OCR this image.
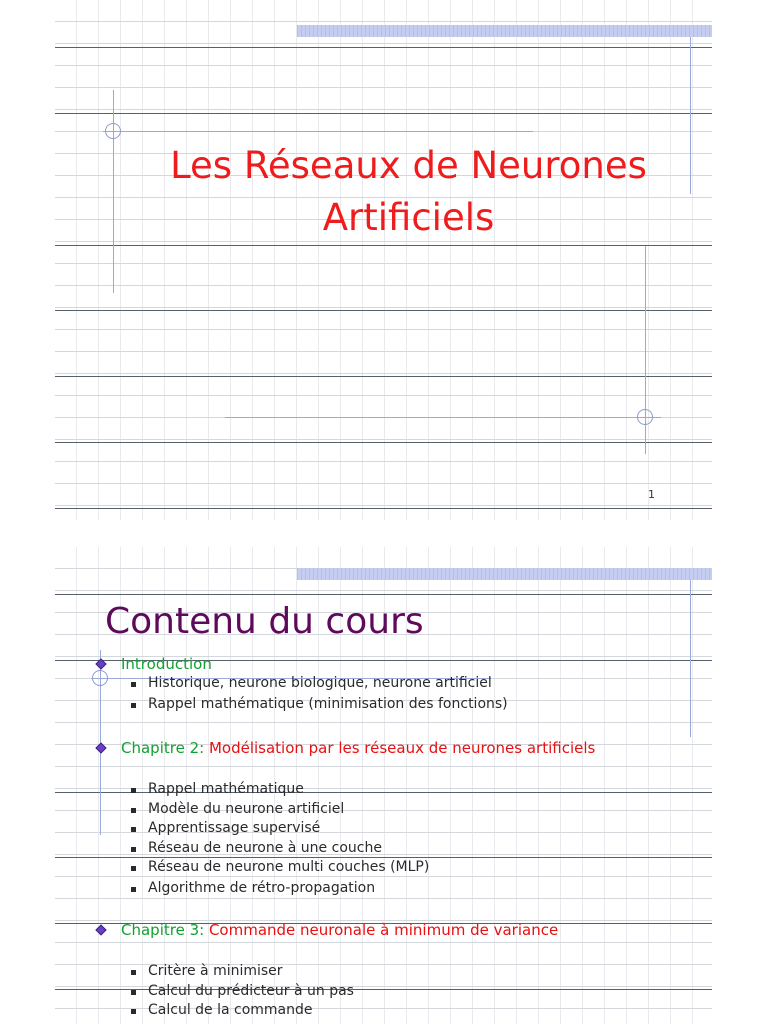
Les Réseaux de Neurones
Artificiels
1
Contenu du cours
Introduction
Historique, neurone biologique, neurone artificiel
Rappel mathématique (minimisation des fonctions)
Chapitre 2: Modélisation par les réseaux de neurones artificiels
Rappel mathématique
Modèle du neurone artificiel
Apprentissage supervisé
Réseau de neurone à une couche
Réseau de neurone multi couches (MLP)
Algorithme de rétro-propagation
Chapitre 3: Commande neuronale à minimum de variance
Critère à minimiser
Calcul du prédicteur à un pas
Calcul de la commande
